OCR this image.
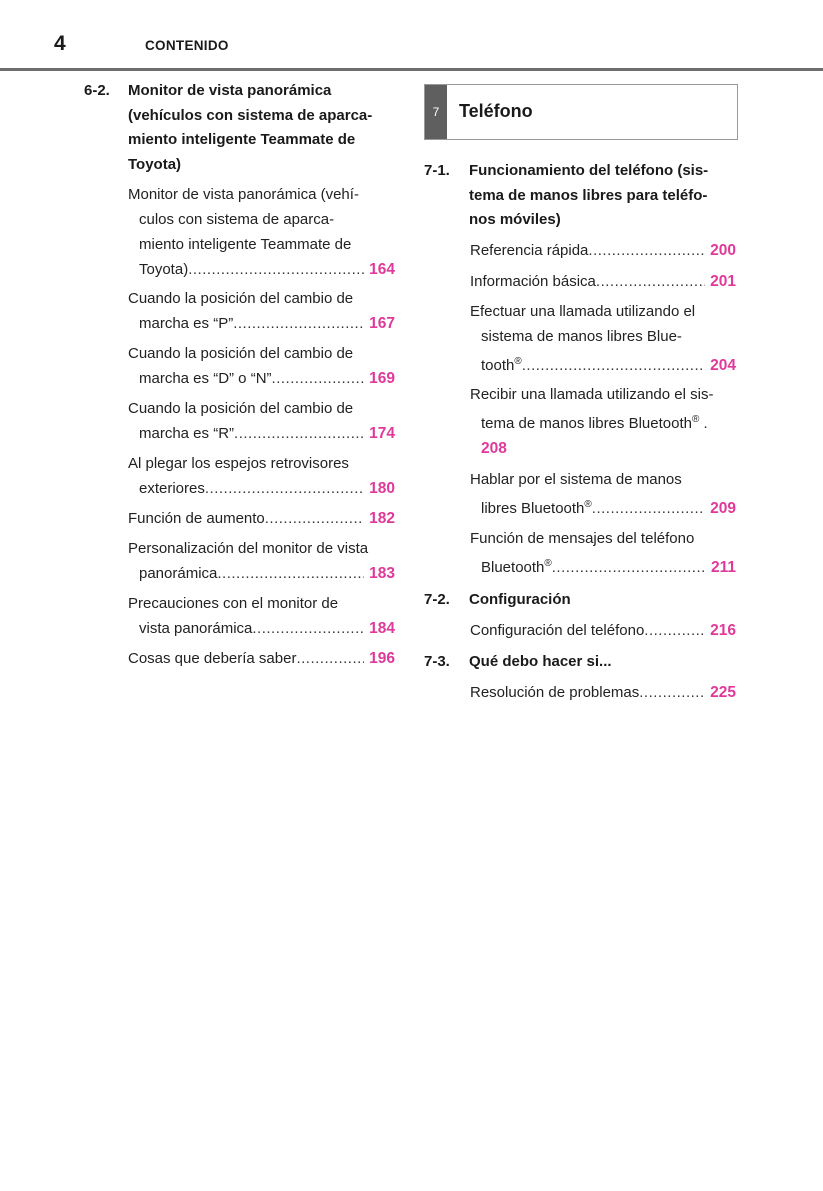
4	CONTENIDO
6-2. Monitor de vista panorámica
(vehículos con sistema de aparca-
miento inteligente Teammate de
Toyota)
Monitor de vista panorámica (vehí-
culos con sistema de aparca-
miento inteligente Teammate de
Toyota) .....	164
Cuando la posición del cambio de
marcha es “P” .....	167
Cuando la posición del cambio de
marcha es “D” o “N” .....	169
Cuando la posición del cambio de
marcha es “R” .....	174
Al plegar los espejos retrovisores
exteriores .....	180
Función de aumento .....	182
Personalización del monitor de vista
panorámica .....	183
Precauciones con el monitor de
vista panorámica .....	184
Cosas que debería saber .....	196
7	Teléfono
7-1. Funcionamiento del teléfono (sis-
tema de manos libres para teléfo-
nos móviles)
Referencia rápida .....	200
Información básica .....	201
Efectuar una llamada utilizando el
sistema de manos libres Blue-
tooth® .....	204
Recibir una llamada utilizando el sis-
tema de manos libres Bluetooth® .
208
Hablar por el sistema de manos
libres Bluetooth® .....	209
Función de mensajes del teléfono
Bluetooth® .....	211
7-2. Configuración
Configuración del teléfono .....	216
7-3. Qué debo hacer si...
Resolución de problemas .....	225
